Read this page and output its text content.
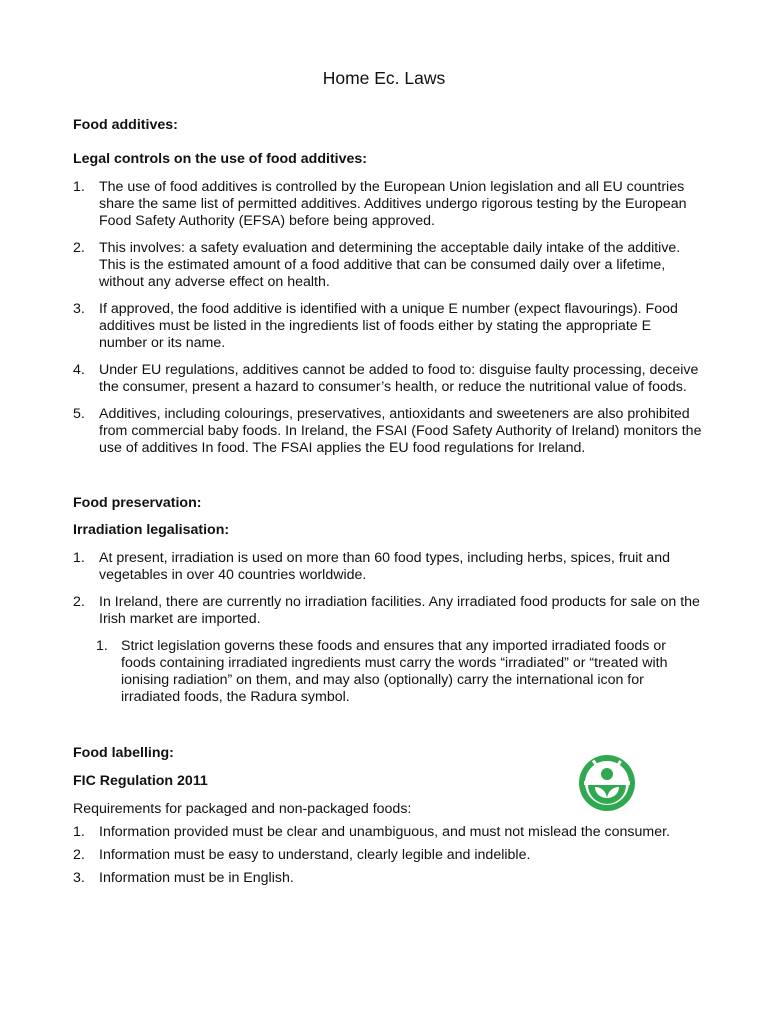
Home Ec. Laws
Food additives:
Legal controls on the use of food additives:
1. The use of food additives is controlled by the European Union legislation and all EU countries share the same list of permitted additives. Additives undergo rigorous testing by the European Food Safety Authority (EFSA) before being approved.
2. This involves: a safety evaluation and determining the acceptable daily intake of the additive. This is the estimated amount of a food additive that can be consumed daily over a lifetime, without any adverse effect on health.
3. If approved, the food additive is identified with a unique E number (expect flavourings). Food additives must be listed in the ingredients list of foods either by stating the appropriate E number or its name.
4. Under EU regulations, additives cannot be added to food to: disguise faulty processing, deceive the consumer, present a hazard to consumer’s health, or reduce the nutritional value of foods.
5. Additives, including colourings, preservatives, antioxidants and sweeteners are also prohibited from commercial baby foods. In Ireland, the FSAI (Food Safety Authority of Ireland) monitors the use of additives In food. The FSAI applies the EU food regulations for Ireland.
Food preservation:
Irradiation legalisation:
1. At present, irradiation is used on more than 60 food types, including herbs, spices, fruit and vegetables in over 40 countries worldwide.
2. In Ireland, there are currently no irradiation facilities. Any irradiated food products for sale on the Irish market are imported.
1. Strict legislation governs these foods and ensures that any imported irradiated foods or foods containing irradiated ingredients must carry the words “irradiated” or “treated with ionising radiation” on them, and may also (optionally) carry the international icon for irradiated foods, the Radura symbol.
Food labelling:
FIC Regulation 2011
Requirements for packaged and non-packaged foods:
1. Information provided must be clear and unambiguous, and must not mislead the consumer.
2. Information must be easy to understand, clearly legible and indelible.
3. Information must be in English.
